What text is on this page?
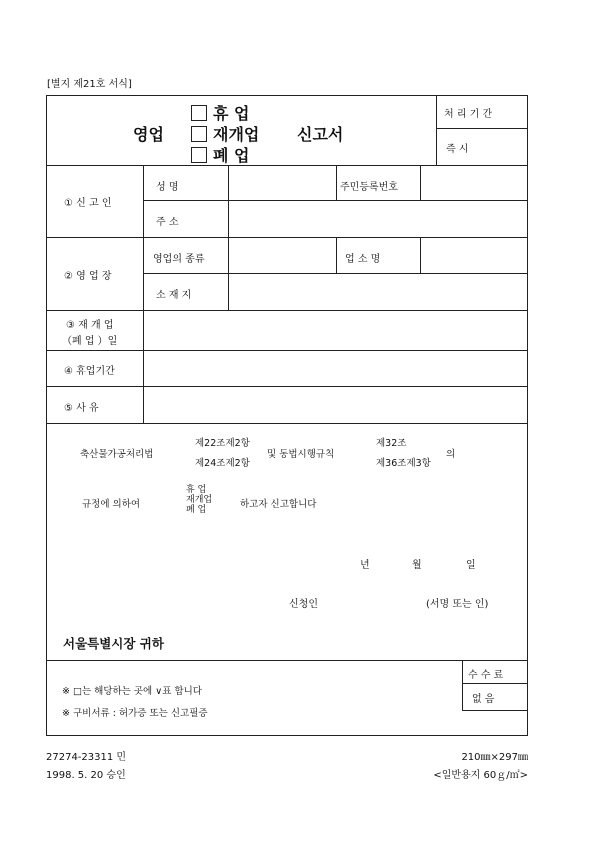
[별지 제21호 서식]
영업
휴 업
재개업
폐 업
신고서
처 리 기 간
즉 시
① 신 고 인
성 명	주민등록번호
주 소
② 영 업 장
영업의 종류	업 소 명
소 재 지
③ 재 개 업
（폐 업 ）일
④ 휴업기간
⑤ 사 유
축산물가공처리법
제22조제2항
제24조제2항
및 동법시행규칙
제32조
제36조제3항
의
규정에 의하여
휴 업
재개업
폐 업	하고자 신고합니다
년	월	일
신청인	(서명 또는 인)
서울특별시장 귀하
※ □는 해당하는 곳에 ∨표 합니다
※ 구비서류 : 허가증 또는 신고필증
수 수 료
없 음
27274-23311 민
1998. 5. 20 승인
210㎜×297㎜
<일반용지 60ｇ/㎡>
